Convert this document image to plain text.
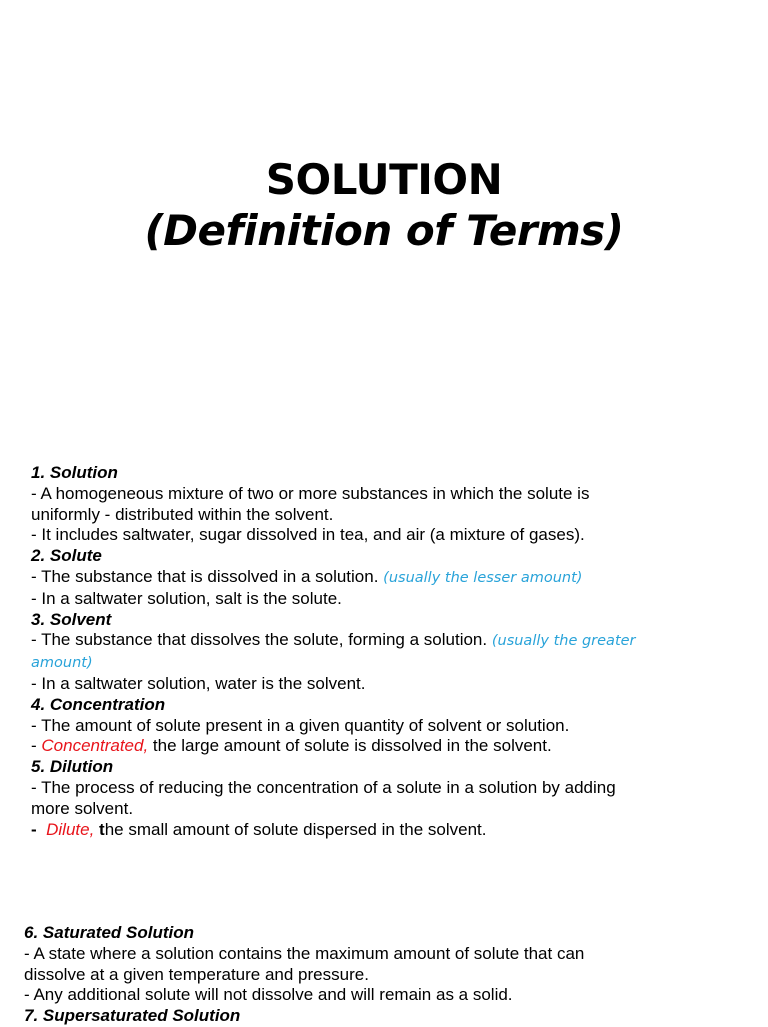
SOLUTION
(Definition of Terms)
1. Solution
- A homogeneous mixture of two or more substances in which the solute is
uniformly - distributed within the solvent.
- It includes saltwater, sugar dissolved in tea, and air (a mixture of gases).
2. Solute
- The substance that is dissolved in a solution. (usually the lesser amount)
- In a saltwater solution, salt is the solute.
3. Solvent
- The substance that dissolves the solute, forming a solution. (usually the greater
amount)
- In a saltwater solution, water is the solvent.
4. Concentration
- The amount of solute present in a given quantity of solvent or solution.
- Concentrated, the large amount of solute is dissolved in the solvent.
5. Dilution
- The process of reducing the concentration of a solute in a solution by adding
more solvent.
- Dilute, the small amount of solute dispersed in the solvent.
6. Saturated Solution
- A state where a solution contains the maximum amount of solute that can
dissolve at a given temperature and pressure.
- Any additional solute will not dissolve and will remain as a solid.
7. Supersaturated Solution
